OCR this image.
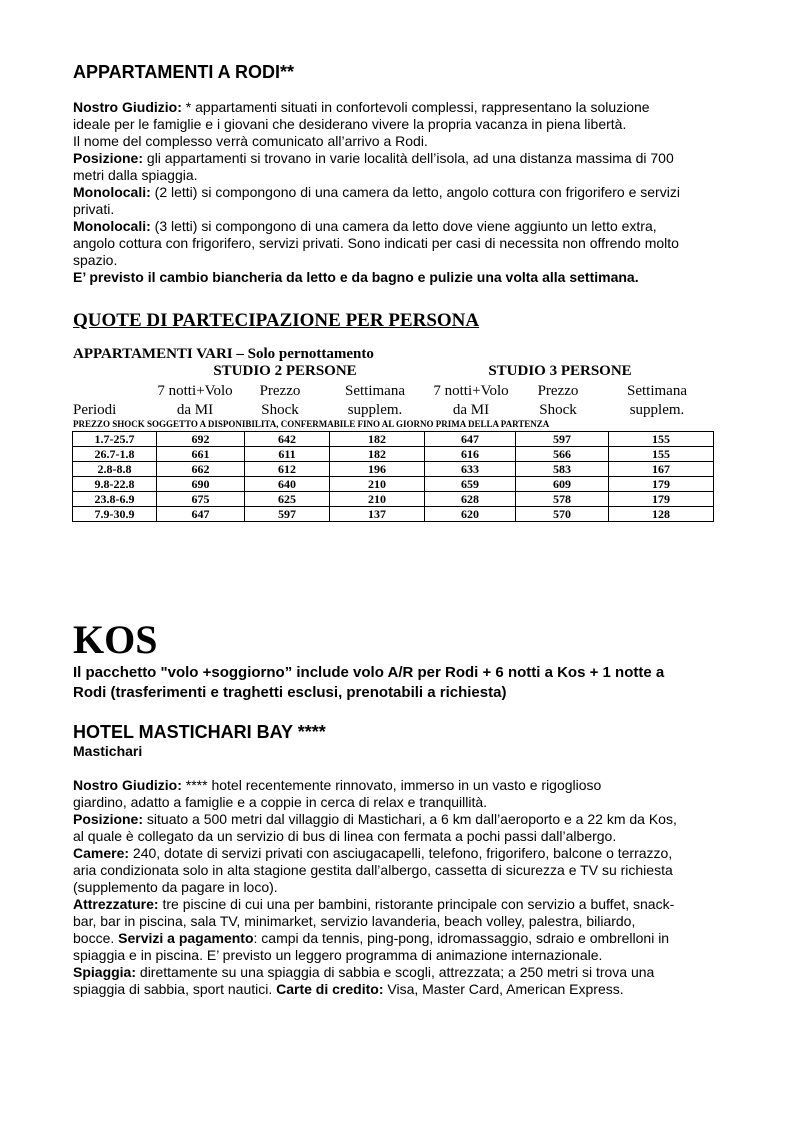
APPARTAMENTI A RODI**

Nostro Giudizio: * appartamenti situati in confortevoli complessi, rappresentano la soluzione
ideale per le famiglie e i giovani che desiderano vivere la propria vacanza in piena libertà.
Il nome del complesso verrà comunicato all’arrivo a Rodi.
Posizione: gli appartamenti si trovano in varie località dell’isola, ad una distanza massima di 700
metri dalla spiaggia.
Monolocali: (2 letti) si compongono di una camera da letto, angolo cottura con frigorifero e servizi
privati.
Monolocali: (3 letti) si compongono di una camera da letto dove viene aggiunto un letto extra,
angolo cottura con frigorifero, servizi privati. Sono indicati per casi di necessita non offrendo molto
spazio.
E’ previsto il cambio biancheria da letto e da bagno e pulizie una volta alla settimana.

QUOTE DI PARTECIPAZIONE PER PERSONA
APPARTAMENTI VARI – Solo pernottamento
STUDIO 2 PERSONE	STUDIO 3 PERSONE
7 notti+Volo	Prezzo	Settimana	7 notti+Volo	Prezzo	Settimana
Periodi	da MI	Shock	supplem.	da MI	Shock	supplem.
PREZZO SHOCK SOGGETTO A DISPONIBILITA, CONFERMABILE FINO AL GIORNO PRIMA DELLA PARTENZA
1.7-25.7	692	642	182	647	597	155
26.7-1.8	661	611	182	616	566	155
2.8-8.8	662	612	196	633	583	167
9.8-22.8	690	640	210	659	609	179
23.8-6.9	675	625	210	628	578	179
7.9-30.9	647	597	137	620	570	128
KOS
Il pacchetto "volo +soggiorno” include volo A/R per Rodi + 6 notti a Kos + 1 notte a
Rodi (trasferimenti e traghetti esclusi, prenotabili a richiesta)
HOTEL MASTICHARI BAY ****
Mastichari

Nostro Giudizio: **** hotel recentemente rinnovato, immerso in un vasto e rigoglioso
giardino, adatto a famiglie e a coppie in cerca di relax e tranquillità.
Posizione: situato a 500 metri dal villaggio di Mastichari, a 6 km dall’aeroporto e a 22 km da Kos,
al quale è collegato da un servizio di bus di linea con fermata a pochi passi dall’albergo.
Camere: 240, dotate di servizi privati con asciugacapelli, telefono, frigorifero, balcone o terrazzo,
aria condizionata solo in alta stagione gestita dall’albergo, cassetta di sicurezza e TV su richiesta
(supplemento da pagare in loco).
Attrezzature: tre piscine di cui una per bambini, ristorante principale con servizio a buffet, snack-
bar, bar in piscina, sala TV, minimarket, servizio lavanderia, beach volley, palestra, biliardo,
bocce. Servizi a pagamento: campi da tennis, ping-pong, idromassaggio, sdraio e ombrelloni in
spiaggia e in piscina. E’ previsto un leggero programma di animazione internazionale.
Spiaggia: direttamente su una spiaggia di sabbia e scogli, attrezzata; a 250 metri si trova una
spiaggia di sabbia, sport nautici. Carte di credito: Visa, Master Card, American Express.
